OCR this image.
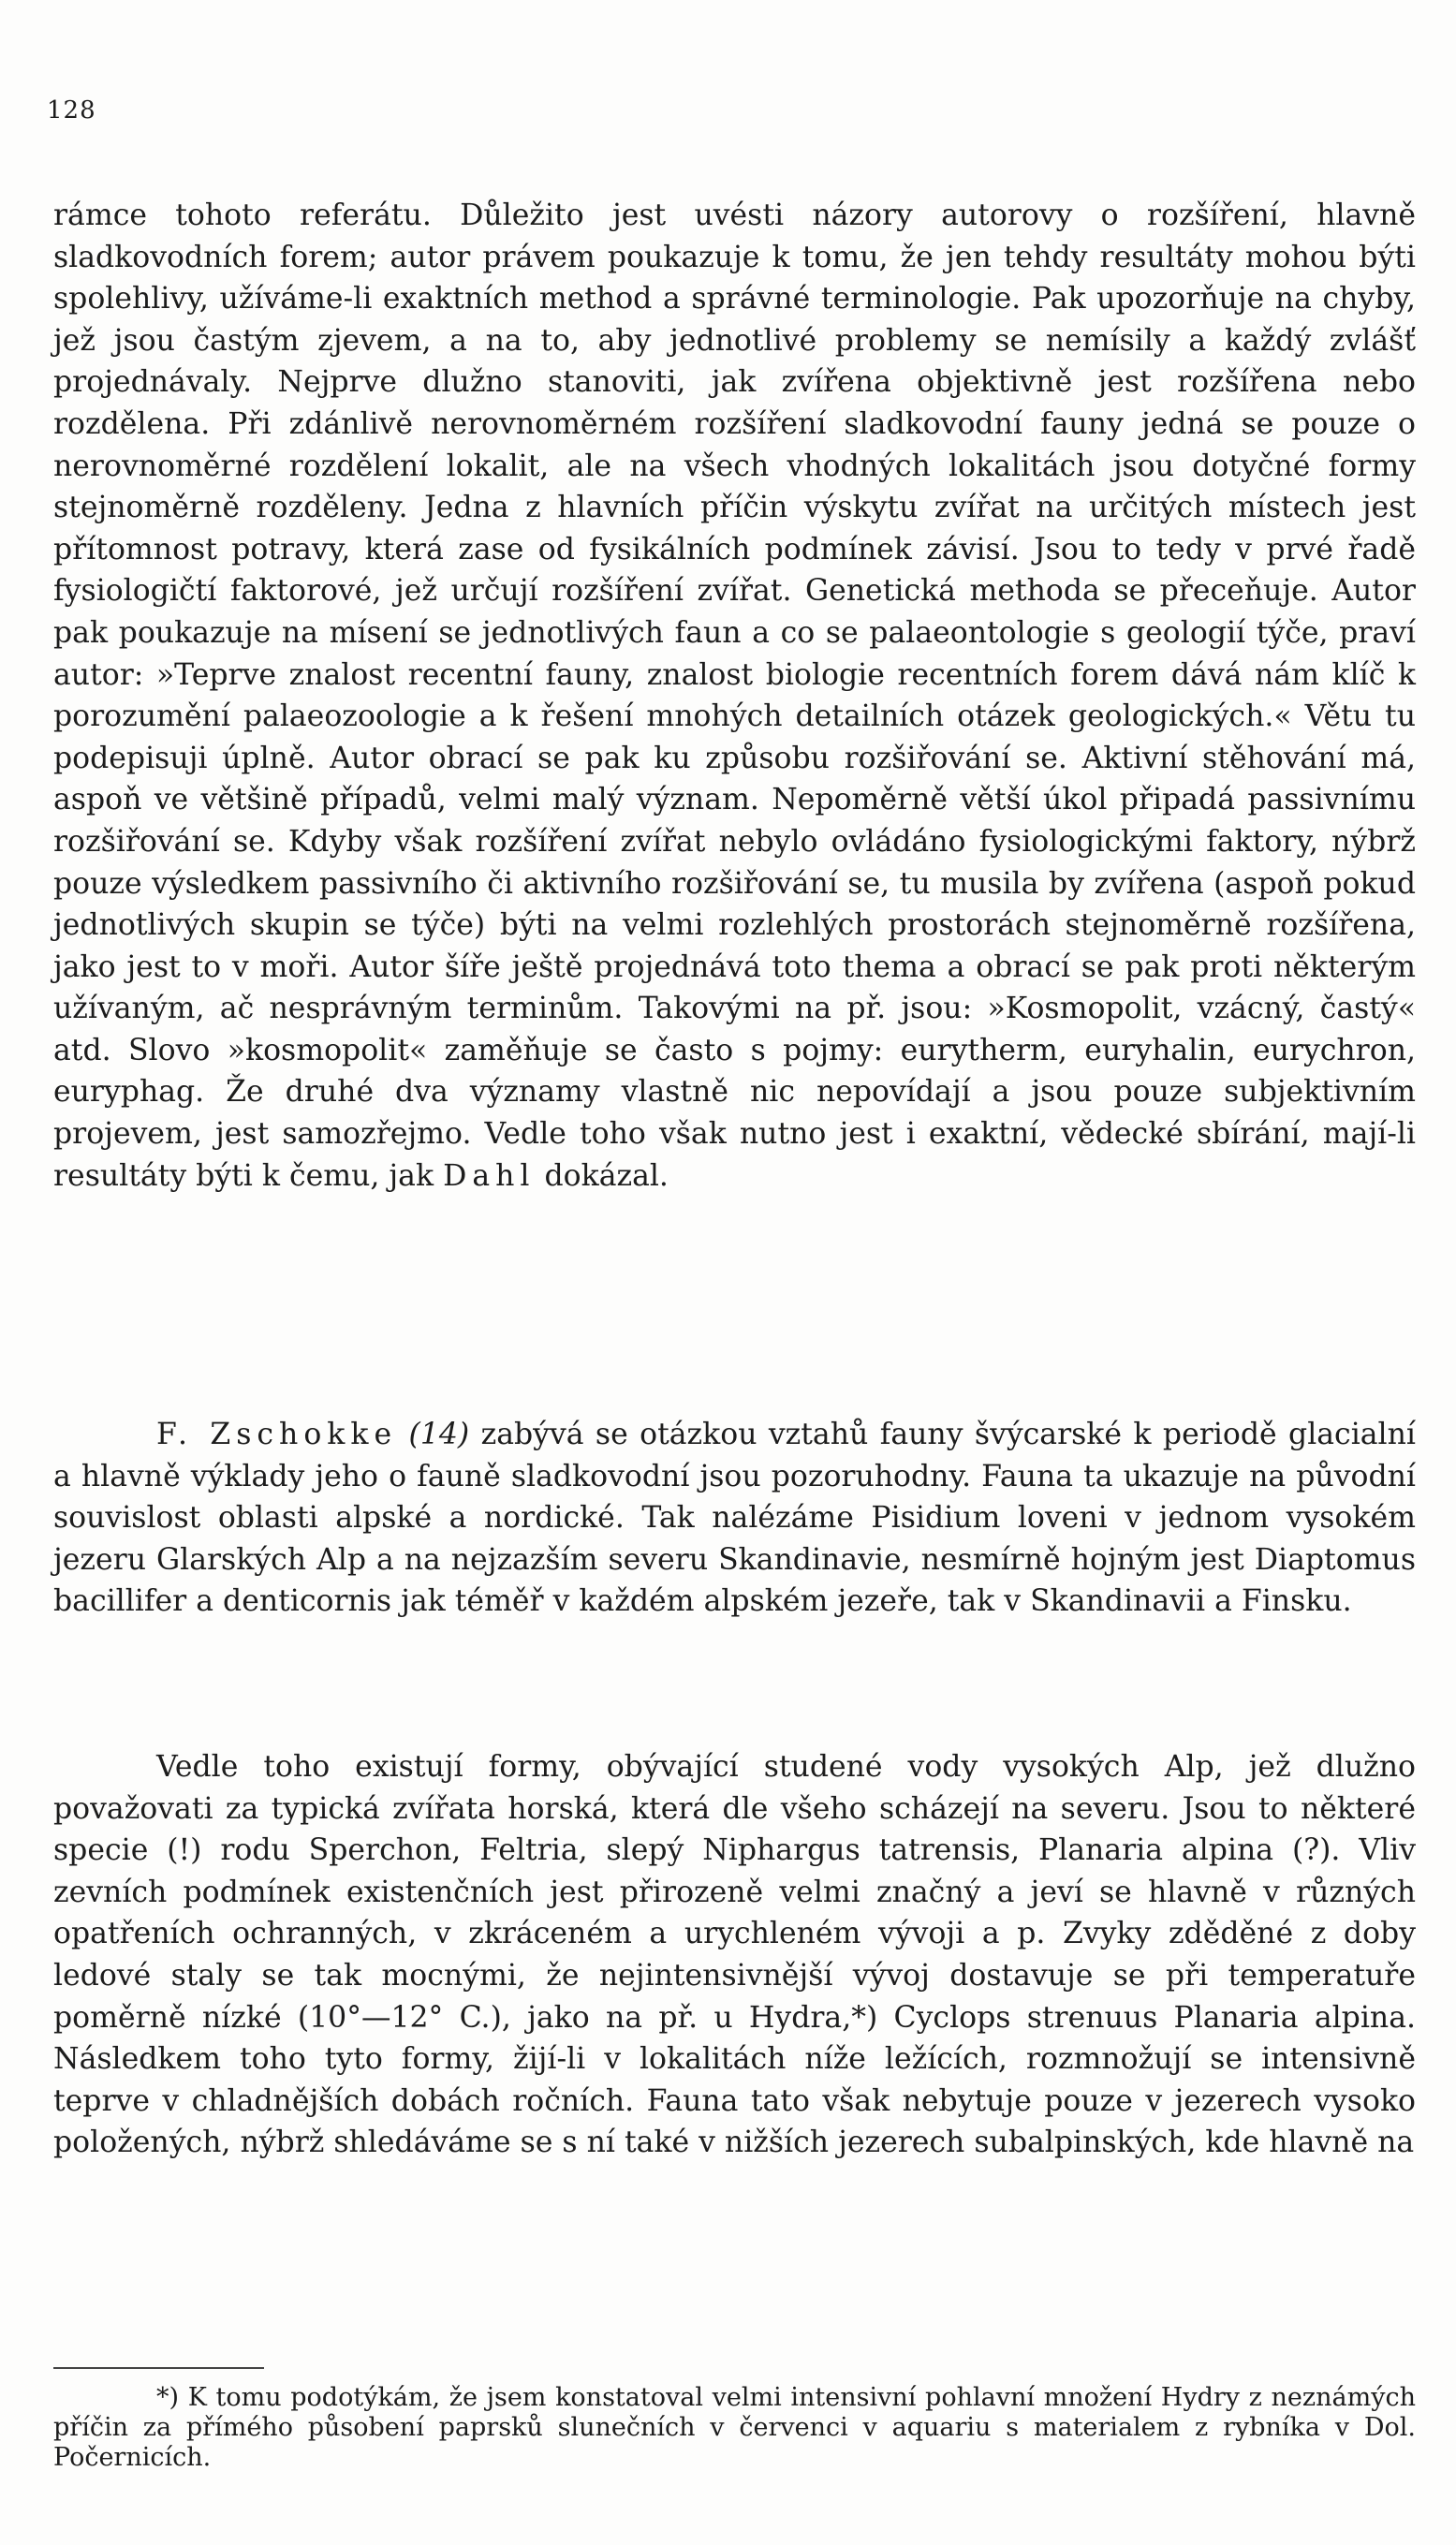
128

rámce tohoto referátu. Důležito jest uvésti názory autorovy o rozšíření, hlavně sladkovodních forem; autor právem poukazuje k tomu, že jen tehdy resultáty mohou býti spolehlivy, užíváme-li exaktních method a správné terminologie. Pak upozorňuje na chyby, jež jsou častým zjevem, a na to, aby jednotlivé problemy se nemísily a každý zvlášť projednávaly. Nejprve dlužno stanoviti, jak zvířena objektivně jest rozšířena nebo rozdělena. Při zdánlivě nerovnoměrném rozšíření sladkovodní fauny jedná se pouze o nerovnoměrné rozdělení lokalit, ale na všech vhodných lokalitách jsou dotyčné formy stejnoměrně rozděleny. Jedna z hlavních příčin výskytu zvířat na určitých místech jest přítomnost potravy, která zase od fysikálních podmínek závisí. Jsou to tedy v prvé řadě fysiologičtí faktorové, jež určují rozšíření zvířat. Genetická methoda se přeceňuje. Autor pak poukazuje na mísení se jednotlivých faun a co se palaeontologie s geologií týče, praví autor: »Teprve znalost recentní fauny, znalost biologie recentních forem dává nám klíč k porozumění palaeozoologie a k řešení mnohých detailních otázek geologických.« Větu tu podepisuji úplně. Autor obrací se pak ku způsobu rozšiřování se. Aktivní stěhování má, aspoň ve většině případů, velmi malý význam. Nepoměrně větší úkol připadá passivnímu rozšiřování se. Kdyby však rozšíření zvířat nebylo ovládáno fysiologickými faktory, nýbrž pouze výsledkem passivního či aktivního rozšiřování se, tu musila by zvířena (aspoň pokud jednotlivých skupin se týče) býti na velmi rozlehlých prostorách stejnoměrně rozšířena, jako jest to v moři. Autor šíře ještě projednává toto thema a obrací se pak proti některým užívaným, ač nesprávným terminům. Takovými na př. jsou: »Kosmopolit, vzácný, častý« atd. Slovo »kosmopolit« zaměňuje se často s pojmy: eurytherm, euryhalin, eurychron, euryphag. Že druhé dva významy vlastně nic nepovídají a jsou pouze subjektivním projevem, jest samozřejmo. Vedle toho však nutno jest i exaktní, vědecké sbírání, mají-li resultáty býti k čemu, jak Dahl dokázal.

F. Zschokke (14) zabývá se otázkou vztahů fauny švýcarské k periodě glacialní a hlavně výklady jeho o fauně sladkovodní jsou pozoruhodny. Fauna ta ukazuje na původní souvislost oblasti alpské a nordické. Tak nalézáme Pisidium loveni v jednom vysokém jezeru Glarských Alp a na nejzazším severu Skandinavie, nesmírně hojným jest Diaptomus bacillifer a denticornis jak téměř v každém alpském jezeře, tak v Skandinavii a Finsku.

Vedle toho existují formy, obývající studené vody vysokých Alp, jež dlužno považovati za typická zvířata horská, která dle všeho scházejí na severu. Jsou to některé specie (!) rodu Sperchon, Feltria, slepý Niphargus tatrensis, Planaria alpina (?). Vliv zevních podmínek existenčních jest přirozeně velmi značný a jeví se hlavně v různých opatřeních ochranných, v zkráceném a urychleném vývoji a p. Zvyky zděděné z doby ledové staly se tak mocnými, že nejintensivnější vývoj dostavuje se při temperatuře poměrně nízké (10°—12° C.), jako na př. u Hydra,*) Cyclops strenuus Planaria alpina. Následkem toho tyto formy, žijí-li v lokalitách níže ležících, rozmnožují se intensivně teprve v chladnějších dobách ročních. Fauna tato však nebytuje pouze v jezerech vysoko položených, nýbrž shledáváme se s ní také v nižších jezerech subalpinských, kde hlavně na

*) K tomu podotýkám, že jsem konstatoval velmi intensivní pohlavní množení Hydry z neznámých příčin za přímého působení paprsků slunečních v červenci v aquariu s materialem z rybníka v Dol. Počernicích.
